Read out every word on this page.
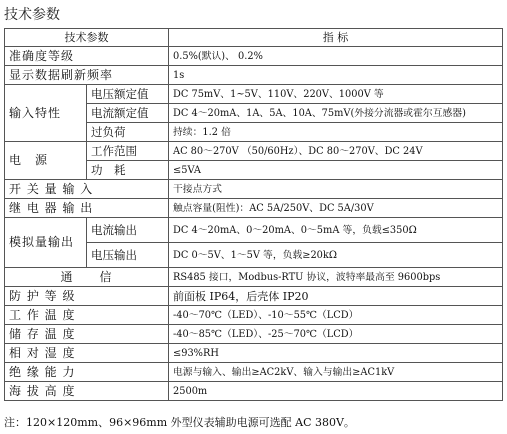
技术参数
技术参数		指 标
准确度等级		0.5%(默认)、 0.2%
显示数据刷新频率		1s
输入特性	电压额定值	DC 75mV、1~5V、110V、220V、1000V 等
	电流额定值	DC 4～20mA、1A、5A、10A、75mV(外接分流器或霍尔互感器)
	过负荷	持续：1.2 倍
电　源	工作范围	AC 80～270V （50/60Hz）、DC 80～270V、DC 24V
	功　耗	≤5VA
开 关 量 输 入		干接点方式
继 电 器 输 出		触点容量(阻性)：AC 5A/250V、DC 5A/30V
模拟量输出	电流输出	DC 4～20mA、0～20mA、0～5mA 等，负载≤350Ω
	电压输出	DC 0～5V、1～5V 等，负载≥20kΩ
通　　信		RS485 接口，Modbus-RTU 协议，波特率最高至 9600bps
防 护 等 级		前面板 IP64，后壳体 IP20
工 作 温 度		-40～70℃（LED）、-10～55℃（LCD）
储 存 温 度		-40～85℃（LED）、-25～70℃（LCD）
相 对 湿 度		≤93%RH
绝 缘 能 力		电源与输入、输出≥AC2kV、输入与输出≥AC1kV
海 拔 高 度		2500m
注：120×120mm、96×96mm 外型仪表辅助电源可选配 AC 380V。
